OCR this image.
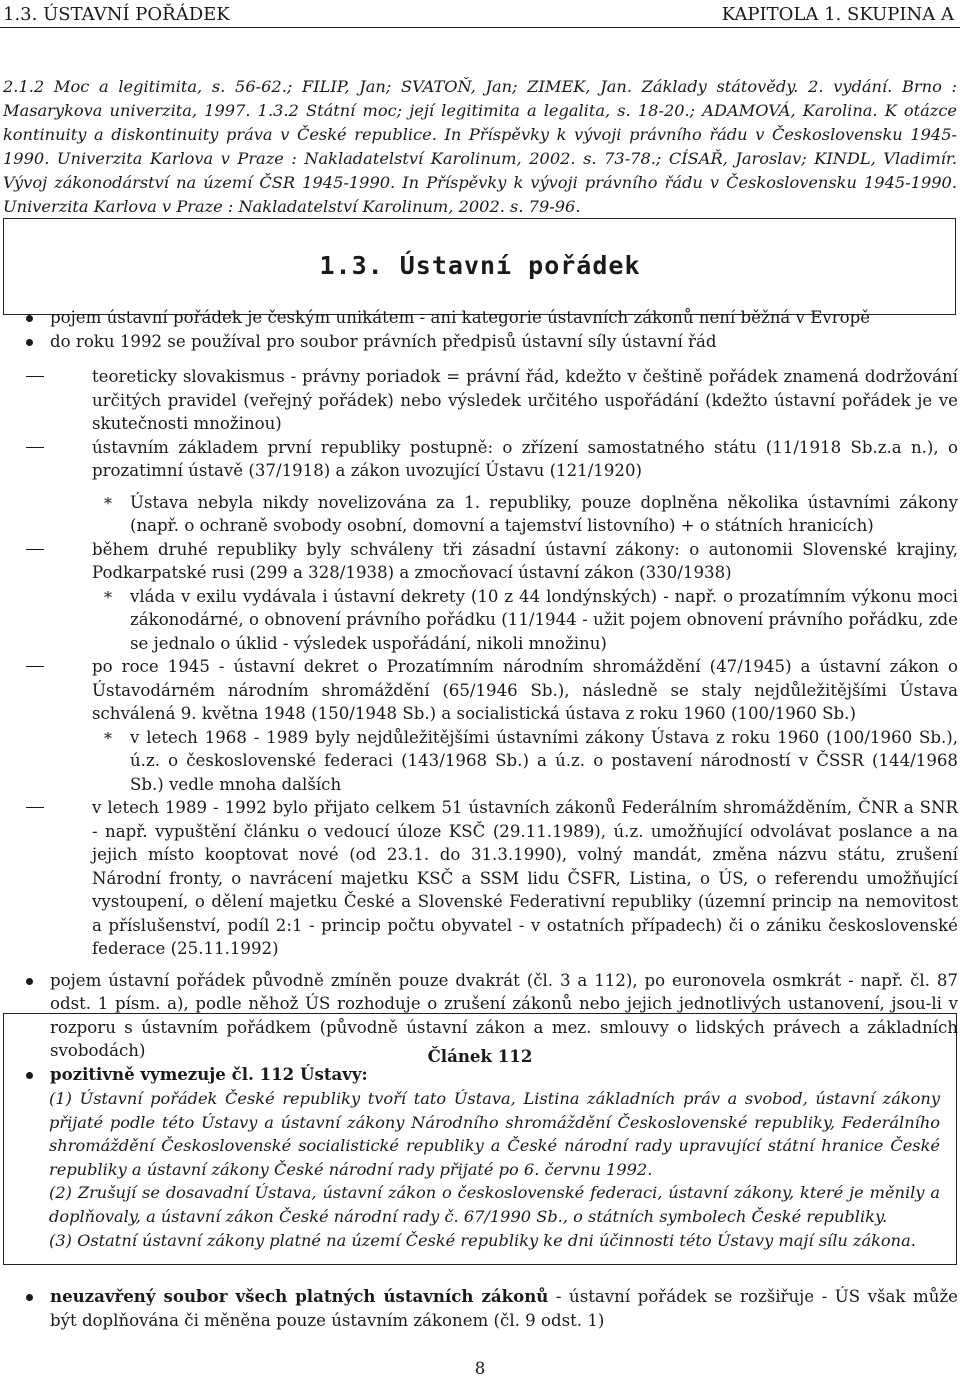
1.3. ÚSTAVNÍ POŘÁDEK	KAPITOLA 1. SKUPINA A
2.1.2 Moc a legitimita, s. 56-62.; FILIP, Jan; SVATOŇ, Jan; ZIMEK, Jan. Základy státovědy. 2. vydání. Brno : Masarykova univerzita, 1997. 1.3.2 Státní moc; její legitimita a legalita, s. 18-20.; ADAMOVÁ, Karolina. K otázce kontinuity a diskontinuity práva v České republice. In Příspěvky k vývoji právního řádu v Československu 1945-1990. Univerzita Karlova v Praze : Nakladatelství Karolinum, 2002. s. 73-78.; CÍSAŘ, Jaroslav; KINDL, Vladimír. Vývoj zákonodárství na území ČSR 1945-1990. In Příspěvky k vývoji právního řádu v Československu 1945-1990. Univerzita Karlova v Praze : Nakladatelství Karolinum, 2002. s. 79-96.
1.3. Ústavní pořádek
pojem ústavní pořádek je českým unikátem - ani kategorie ústavních zákonů není běžná v Evropě
do roku 1992 se používal pro soubor právních předpisů ústavní síly ústavní řád
teoreticky slovakismus - právny poriadok = právní řád, kdežto v češtině pořádek znamená dodržování určitých pravidel (veřejný pořádek) nebo výsledek určitého uspořádání (kdežto ústavní pořádek je ve skutečnosti množinou)
ústavním základem první republiky postupně: o zřízení samostatného státu (11/1918 Sb.z.a n.), o prozatimní ústavě (37/1918) a zákon uvozující Ústavu (121/1920)
* Ústava nebyla nikdy novelizována za 1. republiky, pouze doplněna několika ústavními zákony (např. o ochraně svobody osobní, domovní a tajemství listovního) + o státních hranicích)
během druhé republiky byly schváleny tři zásadní ústavní zákony: o autonomii Slovenské krajiny, Podkarpatské rusi (299 a 328/1938) a zmocňovací ústavní zákon (330/1938)
* vláda v exilu vydávala i ústavní dekrety (10 z 44 londýnských) - např. o prozatímním výkonu moci zákonodárné, o obnovení právního pořádku (11/1944 - užit pojem obnovení právního pořádku, zde se jednalo o úklid - výsledek uspořádání, nikoli množinu)
po roce 1945 - ústavní dekret o Prozatímním národním shromáždění (47/1945) a ústavní zákon o Ústavodárném národním shromáždění (65/1946 Sb.), následně se staly nejdůležitějšími Ústava schválená 9. května 1948 (150/1948 Sb.) a socialistická ústava z roku 1960 (100/1960 Sb.)
* v letech 1968 - 1989 byly nejdůležitějšími ústavními zákony Ústava z roku 1960 (100/1960 Sb.), ú.z. o československé federaci (143/1968 Sb.) a ú.z. o postavení národností v ČSSR (144/1968 Sb.) vedle mnoha dalších
v letech 1989 - 1992 bylo přijato celkem 51 ústavních zákonů Federálním shromážděním, ČNR a SNR - např. vypuštění článku o vedoucí úloze KSČ (29.11.1989), ú.z. umožňující odvolávat poslance a na jejich místo kooptovat nové (od 23.1. do 31.3.1990), volný mandát, změna názvu státu, zrušení Národní fronty, o navrácení majetku KSČ a SSM lidu ČSFR, Listina, o ÚS, o referendu umožňující vystoupení, o dělení majetku České a Slovenské Federativní republiky (územní princip na nemovitost a příslušenství, podíl 2:1 - princip počtu obyvatel - v ostatních případech) či o zániku československé federace (25.11.1992)
pojem ústavní pořádek původně zmíněn pouze dvakrát (čl. 3 a 112), po euronovela osmkrát - např. čl. 87 odst. 1 písm. a), podle něhož ÚS rozhoduje o zrušení zákonů nebo jejich jednotlivých ustanovení, jsou-li v rozporu s ústavním pořádkem (původně ústavní zákon a mez. smlouvy o lidských právech a základních svobodách)
pozitivně vymezuje čl. 112 Ústavy:
Článek 112

(1) Ústavní pořádek České republiky tvoří tato Ústava, Listina základních práv a svobod, ústavní zákony přijaté podle této Ústavy a ústavní zákony Národního shromáždění Československé republiky, Federálního shromáždění Československé socialistické republiky a České národní rady upravující státní hranice České republiky a ústavní zákony České národní rady přijaté po 6. červnu 1992.

(2) Zrušují se dosavadní Ústava, ústavní zákon o československé federaci, ústavní zákony, které je měnily a doplňovaly, a ústavní zákon České národní rady č. 67/1990 Sb., o státních symbolech České republiky.

(3) Ostatní ústavní zákony platné na území České republiky ke dni účinnosti této Ústavy mají sílu zákona.

neuzavřený soubor všech platných ústavních zákonů - ústavní pořádek se rozšiřuje - ÚS však může být doplňována či měněna pouze ústavním zákonem (čl. 9 odst. 1)
8
